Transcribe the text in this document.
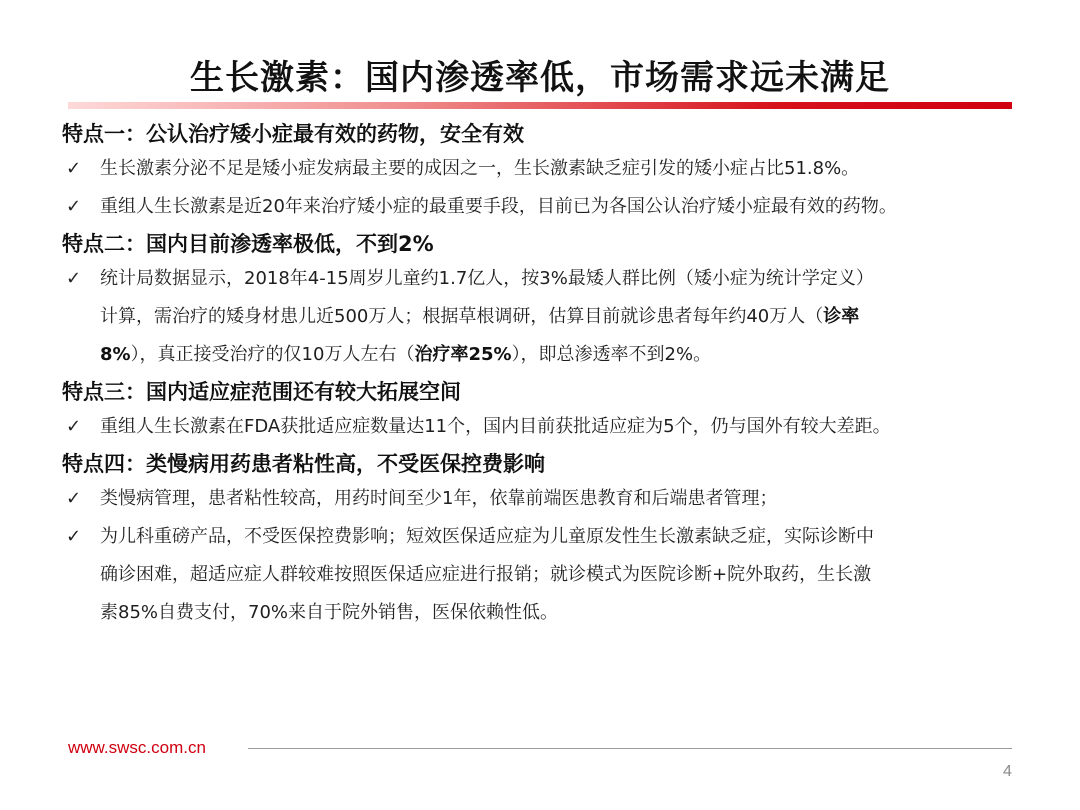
生长激素：国内渗透率低，市场需求远未满足
特点一：公认治疗矮小症最有效的药物，安全有效
✓	生长激素分泌不足是矮小症发病最主要的成因之一，生长激素缺乏症引发的矮小症占比51.8%。
✓	重组人生长激素是近20年来治疗矮小症的最重要手段，目前已为各国公认治疗矮小症最有效的药物。
特点二：国内目前渗透率极低，不到2%
✓	统计局数据显示，2018年4-15周岁儿童约1.7亿人，按3%最矮人群比例（矮小症为统计学定义）
计算，需治疗的矮身材患儿近500万人；根据草根调研，估算目前就诊患者每年约40万人（诊率
8%），真正接受治疗的仅10万人左右（治疗率25%），即总渗透率不到2%。
特点三：国内适应症范围还有较大拓展空间
✓	重组人生长激素在FDA获批适应症数量达11个，国内目前获批适应症为5个，仍与国外有较大差距。
特点四：类慢病用药患者粘性高，不受医保控费影响
✓	类慢病管理，患者粘性较高，用药时间至少1年，依靠前端医患教育和后端患者管理；
✓	为儿科重磅产品，不受医保控费影响；短效医保适应症为儿童原发性生长激素缺乏症，实际诊断中
确诊困难，超适应症人群较难按照医保适应症进行报销；就诊模式为医院诊断+院外取药，生长激
素85%自费支付，70%来自于院外销售，医保依赖性低。
www.swsc.com.cn
4
